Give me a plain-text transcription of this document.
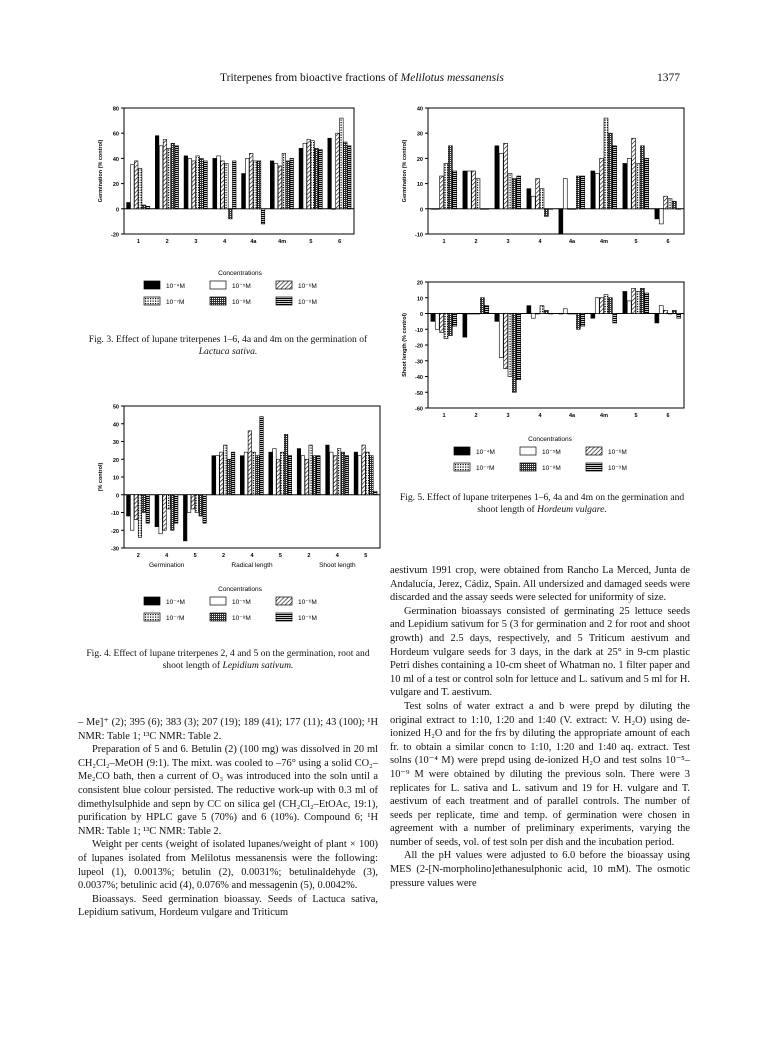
Triterpenes from bioactive fractions of Melilotus messanensis	1377
-20
0
20
40
60
80
Germination (% control)
1	2	3	4	4a	4m	5	6
Concentrations
10⁻⁴M	10⁻⁵M	10⁻⁶M
10⁻⁷M	10⁻⁸M	10⁻⁹M
Fig. 3. Effect of lupane triterpenes 1–6, 4a and 4m on the germination of Lactuca sativa.
-10
0
10
20
30
40
Germination (% control)
1	2	3	4	4a	4m	5	6
-60
-50
-40
-30
-20
-10
0
10
20
Shoot length (% control)
1	2	3	4	4a	4m	5	6
Concentrations
10⁻⁴M	10⁻⁵M	10⁻⁶M
10⁻⁷M	10⁻⁸M	10⁻⁹M
Fig. 5. Effect of lupane triterpenes 1–6, 4a and 4m on the germination and shoot length of Hordeum vulgare.
-30
-20
-10
0
10
20
30
40
50
(% control)
2	4	5	2	4	5	2	4	5
Germination	Radical length	Shoot length
Concentrations
10⁻⁴M	10⁻⁵M	10⁻⁶M
10⁻⁷M	10⁻⁸M	10⁻⁹M
Fig. 4. Effect of lupane triterpenes 2, 4 and 5 on the germination, root and shoot length of Lepidium sativum.

– Me]⁺ (2); 395 (6); 383 (3); 207 (19); 189 (41); 177 (11); 43 (100); ¹H NMR: Table 1; ¹³C NMR: Table 2.

Preparation of 5 and 6. Betulin (2) (100 mg) was dissolved in 20 ml CH₂Cl₂–MeOH (9:1). The mixt. was cooled to –76° using a solid CO₂–Me₂CO bath, then a current of O₃ was introduced into the soln until a consistent blue colour persisted. The reductive work-up with 0.3 ml of dimethylsulphide and sepn by CC on silica gel (CH₂Cl₂–EtOAc, 19:1), purification by HPLC gave 5 (70%) and 6 (10%). Compound 6; ¹H NMR: Table 1; ¹³C NMR: Table 2.

Weight per cents (weight of isolated lupanes/weight of plant × 100) of lupanes isolated from Melilotus messanensis were the following: lupeol (1), 0.0013%; betulin (2), 0.0031%; betulinaldehyde (3), 0.0037%; betulinic acid (4), 0.076% and messagenin (5), 0.0042%.

Bioassays. Seed germination bioassay. Seeds of Lactuca sativa, Lepidium sativum, Hordeum vulgare and Triticum

aestivum 1991 crop, were obtained from Rancho La Merced, Junta de Andalucía, Jerez, Cádiz, Spain. All undersized and damaged seeds were discarded and the assay seeds were selected for uniformity of size.

Germination bioassays consisted of germinating 25 lettuce seeds and Lepidium sativum for 5 (3 for germination and 2 for root and shoot growth) and 2.5 days, respectively, and 5 Triticum aestivum and Hordeum vulgare seeds for 3 days, in the dark at 25° in 9-cm plastic Petri dishes containing a 10-cm sheet of Whatman no. 1 filter paper and 10 ml of a test or control soln for lettuce and L. sativum and 5 ml for H. vulgare and T. aestivum.

Test solns of water extract a and b were prepd by diluting the original extract to 1:10, 1:20 and 1:40 (V. extract: V. H₂O) using de-ionized H₂O and for the frs by diluting the appropriate amount of each fr. to obtain a similar concn to 1:10, 1:20 and 1:40 aq. extract. Test solns (10⁻⁴ M) were prepd using de-ionized H₂O and test solns 10⁻⁵–10⁻⁹ M were obtained by diluting the previous soln. There were 3 replicates for L. sativa and L. sativum and 19 for H. vulgare and T. aestivum of each treatment and of parallel controls. The number of seeds per replicate, time and temp. of germination were chosen in agreement with a number of preliminary experiments, varying the number of seeds, vol. of test soln per dish and the incubation period.

All the pH values were adjusted to 6.0 before the bioassay using MES (2-[N-morpholino]ethanesulphonic acid, 10 mM). The osmotic pressure values were
